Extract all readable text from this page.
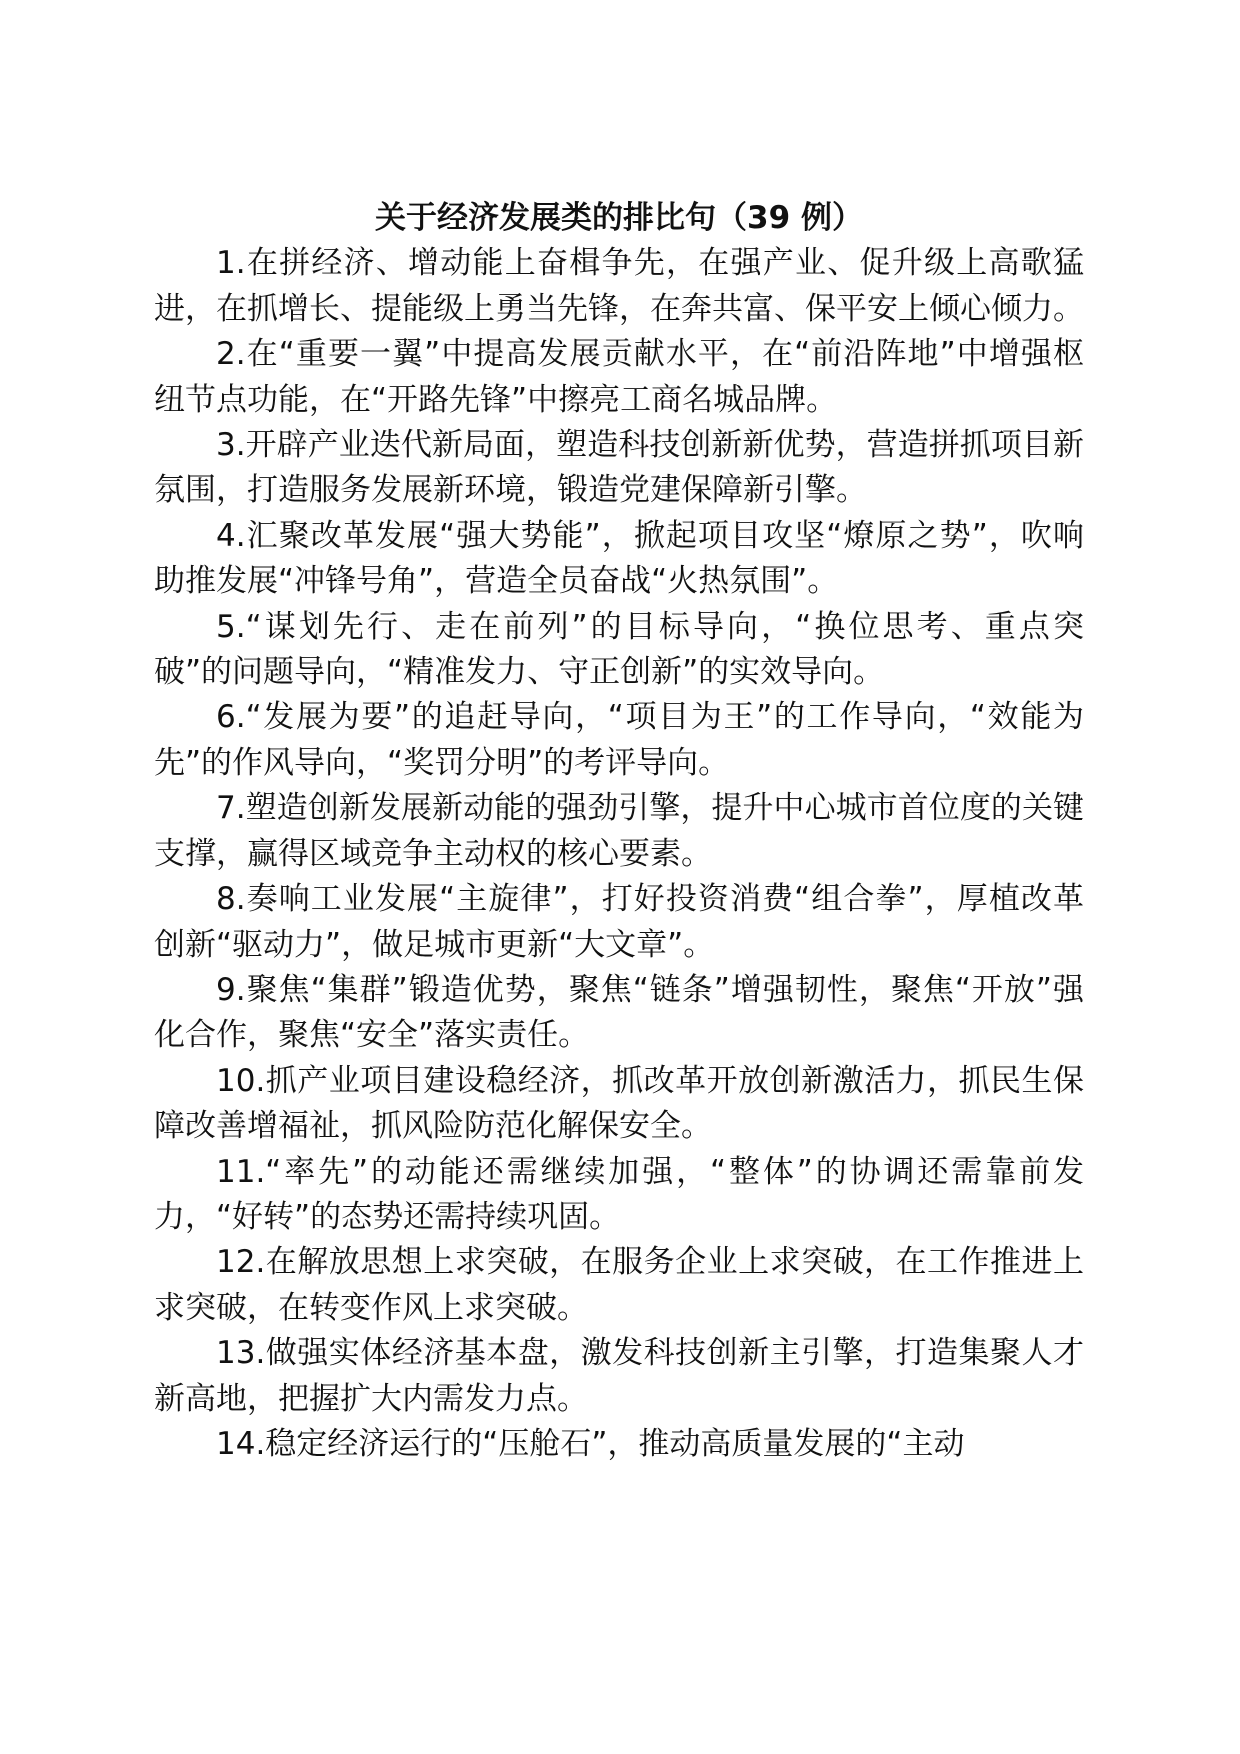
关于经济发展类的排比句（39 例）

1.在拼经济、增动能上奋楫争先，在强产业、促升级上高歌猛进，在抓增长、提能级上勇当先锋，在奔共富、保平安上倾心倾力。

2.在“重要一翼”中提高发展贡献水平，在“前沿阵地”中增强枢纽节点功能，在“开路先锋”中擦亮工商名城品牌。

3.开辟产业迭代新局面，塑造科技创新新优势，营造拼抓项目新氛围，打造服务发展新环境，锻造党建保障新引擎。

4.汇聚改革发展“强大势能”，掀起项目攻坚“燎原之势”，吹响助推发展“冲锋号角”，营造全员奋战“火热氛围”。

5.“谋划先行、走在前列”的目标导向，“换位思考、重点突破”的问题导向，“精准发力、守正创新”的实效导向。

6.“发展为要”的追赶导向，“项目为王”的工作导向，“效能为先”的作风导向，“奖罚分明”的考评导向。

7.塑造创新发展新动能的强劲引擎，提升中心城市首位度的关键支撑，赢得区域竞争主动权的核心要素。

8.奏响工业发展“主旋律”，打好投资消费“组合拳”，厚植改革创新“驱动力”，做足城市更新“大文章”。

9.聚焦“集群”锻造优势，聚焦“链条”增强韧性，聚焦“开放”强化合作，聚焦“安全”落实责任。

10.抓产业项目建设稳经济，抓改革开放创新激活力，抓民生保障改善增福祉，抓风险防范化解保安全。

11.“率先”的动能还需继续加强，“整体”的协调还需靠前发力，“好转”的态势还需持续巩固。

12.在解放思想上求突破，在服务企业上求突破，在工作推进上求突破，在转变作风上求突破。

13.做强实体经济基本盘，激发科技创新主引擎，打造集聚人才新高地，把握扩大内需发力点。

14.稳定经济运行的“压舱石”，推动高质量发展的“主动
